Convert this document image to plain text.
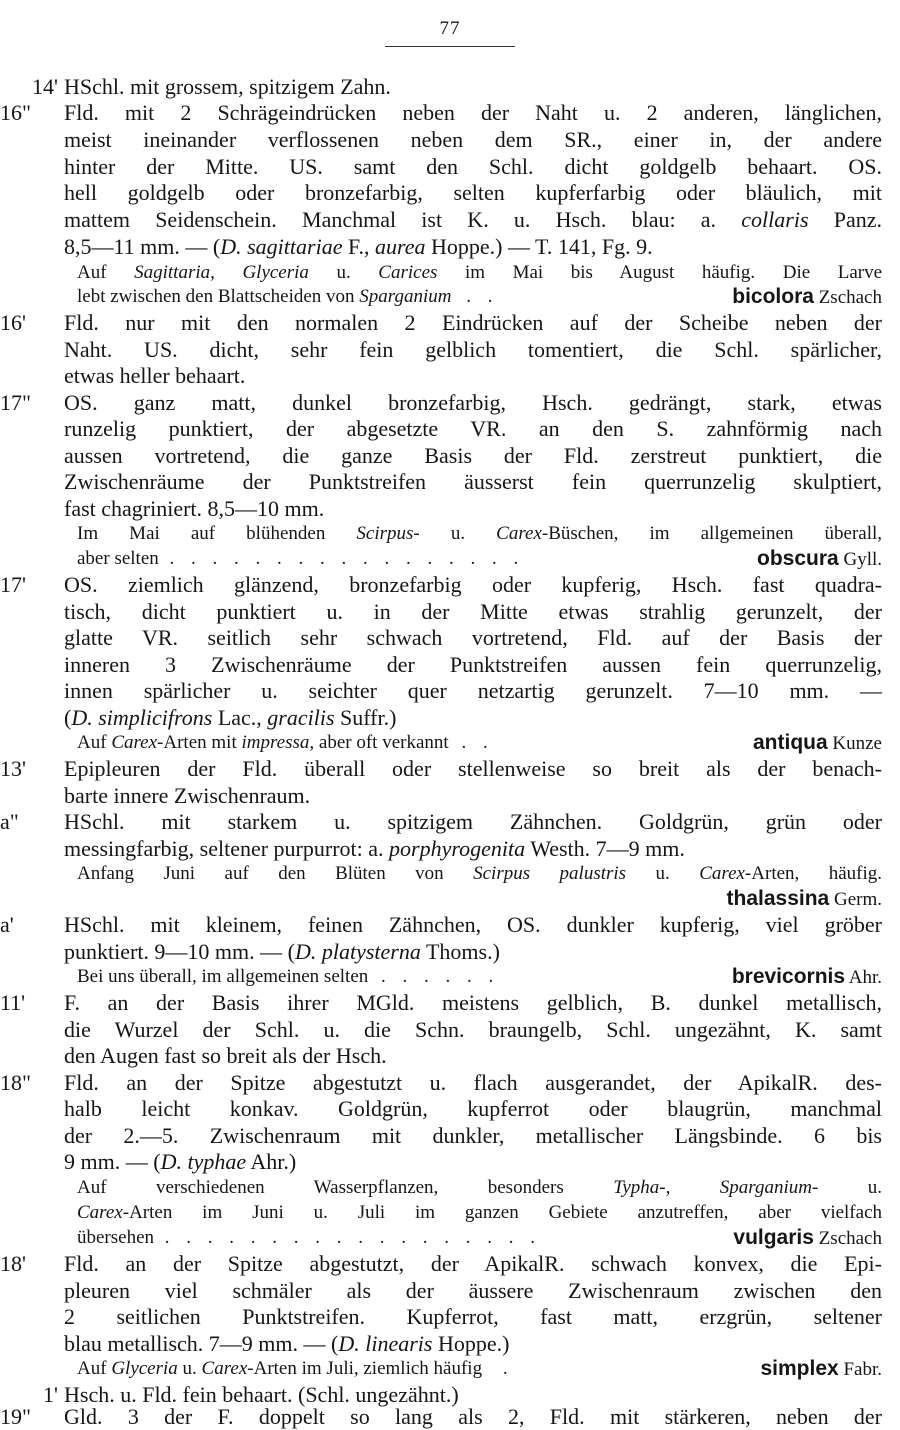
77
14' HSchl. mit grossem, spitzigem Zahn.
16"	Fld. mit 2 Schrägeindrücken neben der Naht u. 2 anderen, länglichen,
meist ineinander verflossenen neben dem SR., einer in, der andere
hinter der Mitte. US. samt den Schl. dicht goldgelb behaart. OS.
hell goldgelb oder bronzefarbig, selten kupferfarbig oder bläulich, mit
mattem Seidenschein. Manchmal ist K. u. Hsch. blau: a. collaris Panz.
8,5—11 mm. — (D. sagittariae F., aurea Hoppe.) — T. 141, Fg. 9.
Auf Sagittaria, Glyceria u. Carices im Mai bis August häufig. Die Larve
lebt zwischen den Blattscheiden von Sparganium . .	bicolora Zschach
16'	Fld. nur mit den normalen 2 Eindrücken auf der Scheibe neben der
Naht. US. dicht, sehr fein gelblich tomentiert, die Schl. spärlicher,
etwas heller behaart.
17"	OS. ganz matt, dunkel bronzefarbig, Hsch. gedrängt, stark, etwas
runzelig punktiert, der abgesetzte VR. an den S. zahnförmig nach
aussen vortretend, die ganze Basis der Fld. zerstreut punktiert, die
Zwischenräume der Punktstreifen äusserst fein querrunzelig skulptiert,
fast chagriniert. 8,5—10 mm.
Im Mai auf blühenden Scirpus- u. Carex-Büschen, im allgemeinen überall,
aber selten . . . . . . . . . . . . . . . . .	obscura Gyll.
17'	OS. ziemlich glänzend, bronzefarbig oder kupferig, Hsch. fast quadra-
tisch, dicht punktiert u. in der Mitte etwas strahlig gerunzelt, der
glatte VR. seitlich sehr schwach vortretend, Fld. auf der Basis der
inneren 3 Zwischenräume der Punktstreifen aussen fein querrunzelig,
innen spärlicher u. seichter quer netzartig gerunzelt. 7—10 mm. —
(D. simplicifrons Lac., gracilis Suffr.)
Auf Carex-Arten mit impressa, aber oft verkannt . .	antiqua Kunze
13'	Epipleuren der Fld. überall oder stellenweise so breit als der benach-
barte innere Zwischenraum.
a"	HSchl. mit starkem u. spitzigem Zähnchen. Goldgrün, grün oder
messingfarbig, seltener purpurrot: a. porphyrogenita Westh. 7—9 mm.
Anfang Juni auf den Blüten von Scirpus palustris u. Carex-Arten, häufig.
thalassina Germ.
a'	HSchl. mit kleinem, feinen Zähnchen, OS. dunkler kupferig, viel gröber
punktiert. 9—10 mm. — (D. platysterna Thoms.)
Bei uns überall, im allgemeinen selten . . . . . .	brevicornis Ahr.
11'	F. an der Basis ihrer MGld. meistens gelblich, B. dunkel metallisch,
die Wurzel der Schl. u. die Schn. braungelb, Schl. ungezähnt, K. samt
den Augen fast so breit als der Hsch.
18"	Fld. an der Spitze abgestutzt u. flach ausgerandet, der ApikalR. des-
halb leicht konkav. Goldgrün, kupferrot oder blaugrün, manchmal
der 2.—5. Zwischenraum mit dunkler, metallischer Längsbinde. 6 bis
9 mm. — (D. typhae Ahr.)
Auf verschiedenen Wasserpflanzen, besonders	Typha-, Sparganium-	u.
Carex-Arten im Juni u. Juli im ganzen Gebiete anzutreffen, aber vielfach
übersehen . . . . . . . . . . . . . . . . . .	vulgaris Zschach
18'	Fld. an der Spitze abgestutzt, der ApikalR. schwach konvex, die Epi-
pleuren viel schmäler als der äussere Zwischenraum zwischen den
2 seitlichen Punktstreifen. Kupferrot, fast matt, erzgrün, seltener
blau metallisch. 7—9 mm. — (D. linearis Hoppe.)
Auf Glyceria u. Carex-Arten im Juli, ziemlich häufig .	simplex Fabr.
1' Hsch. u. Fld. fein behaart. (Schl. ungezähnt.)
19"	Gld. 3 der F. doppelt so lang als 2, Fld. mit stärkeren, neben der
